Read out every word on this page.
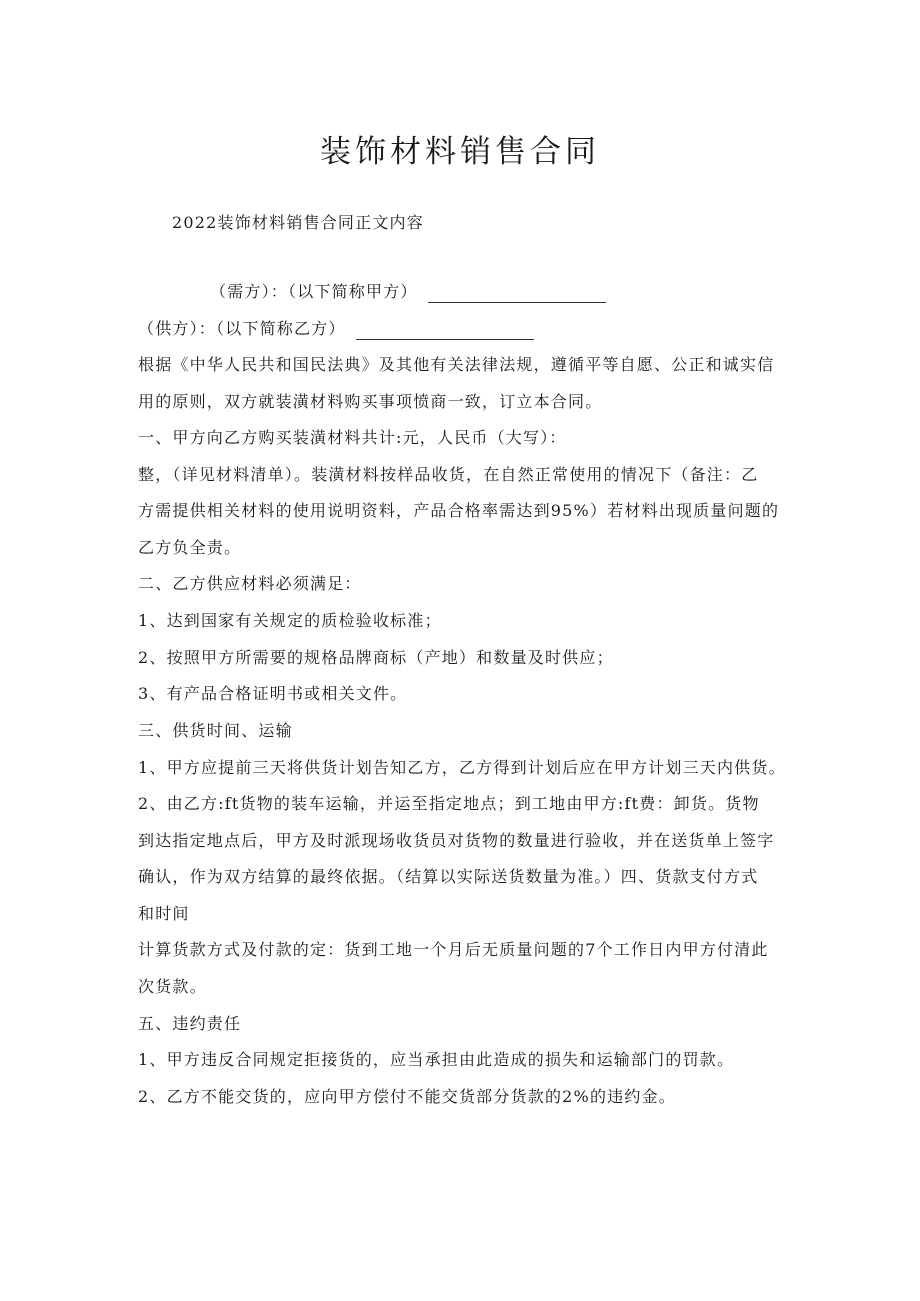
装饰材料销售合同
2022装饰材料销售合同正文内容
（需方）：（以下简称甲方）
（供方）：（以下简称乙方）
根据《中华人民共和国民法典》及其他有关法律法规，遵循平等自愿、公正和诚实信
用的原则，双方就装潢材料购买事项愤商一致，订立本合同。
一、甲方向乙方购买装潢材料共计:元，人民币（大写）：
整，（详见材料清单）。装潢材料按样品收货，在自然正常使用的情况下（备注：乙
方需提供相关材料的使用说明资料，产品合格率需达到95%）若材料出现质量问题的
乙方负全责。
二、乙方供应材料必须满足：
1、达到国家有关规定的质检验收标准；
2、按照甲方所需要的规格品牌商标（产地）和数量及时供应；
3、有产品合格证明书或相关文件。
三、供货时间、运输
1、甲方应提前三天将供货计划告知乙方，乙方得到计划后应在甲方计划三天内供货。
2、由乙方:ft货物的装车运输，并运至指定地点；到工地由甲方:ft费：卸货。货物
到达指定地点后，甲方及时派现场收货员对货物的数量进行验收，并在送货单上签字
确认，作为双方结算的最终依据。（结算以实际送货数量为准。）四、货款支付方式
和时间
计算货款方式及付款的定：货到工地一个月后无质量问题的7个工作日内甲方付清此
次货款。
五、违约责任
1、甲方违反合同规定拒接货的，应当承担由此造成的损失和运输部门的罚款。
2、乙方不能交货的，应向甲方偿付不能交货部分货款的2%的违约金。
